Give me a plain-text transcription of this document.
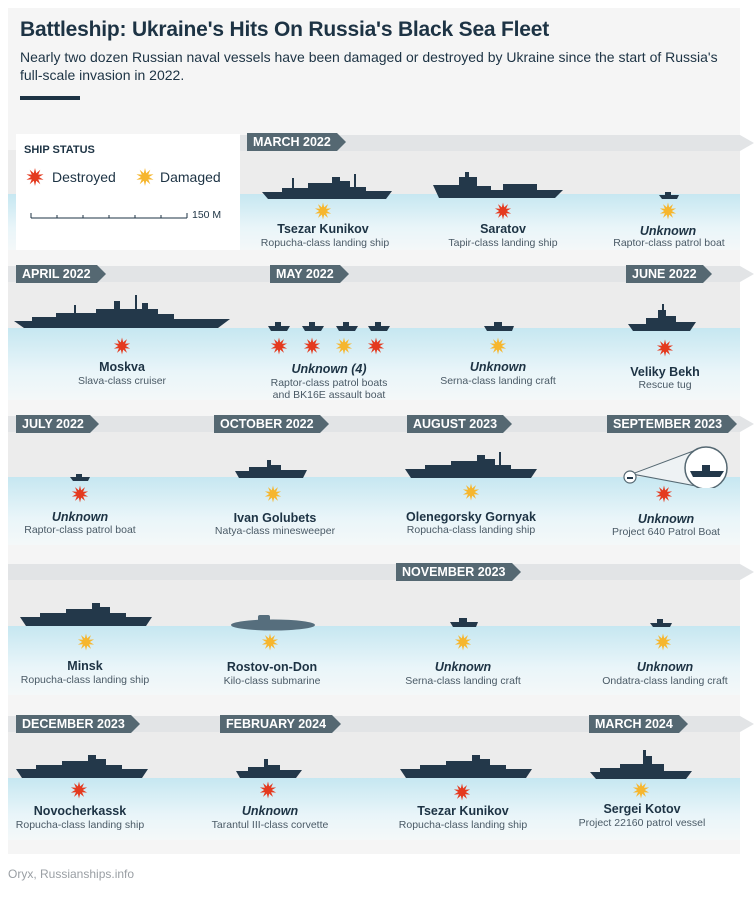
Battleship: Ukraine's Hits On Russia's Black Sea Fleet

Nearly two dozen Russian naval vessels have been damaged or destroyed by Ukraine since the start of Russia's full-scale invasion in 2022.

MARCH 2022
APRIL 2022	MAY 2022	JUNE 2022
JULY 2022	OCTOBER 2022	AUGUST 2023	SEPTEMBER 2023
NOVEMBER 2023
DECEMBER 2023	FEBRUARY 2024	MARCH 2024
Tsezar Kunikov
Ropucha-class landing ship
Saratov
Tapir-class landing ship
Unknown
Raptor-class patrol boat
Moskva
Slava-class cruiser
Unknown (4)
Raptor-class patrol boats and BK16E assault boat
Unknown
Serna-class landing craft
Veliky Bekh
Rescue tug
Unknown
Raptor-class patrol boat
Ivan Golubets
Natya-class minesweeper
Olenegorsky Gornyak
Ropucha-class landing ship
Unknown
Project 640 Patrol Boat
Minsk
Ropucha-class landing ship
Rostov-on-Don
Kilo-class submarine
Unknown
Serna-class landing craft
Unknown
Ondatra-class landing craft
Novocherkassk
Ropucha-class landing ship
Unknown
Tarantul III-class corvette
Tsezar Kunikov
Ropucha-class landing ship
Sergei Kotov
Project 22160 patrol vessel
SHIP STATUS
Destroyed	Damaged
150 M
Oryx, Russianships.info
